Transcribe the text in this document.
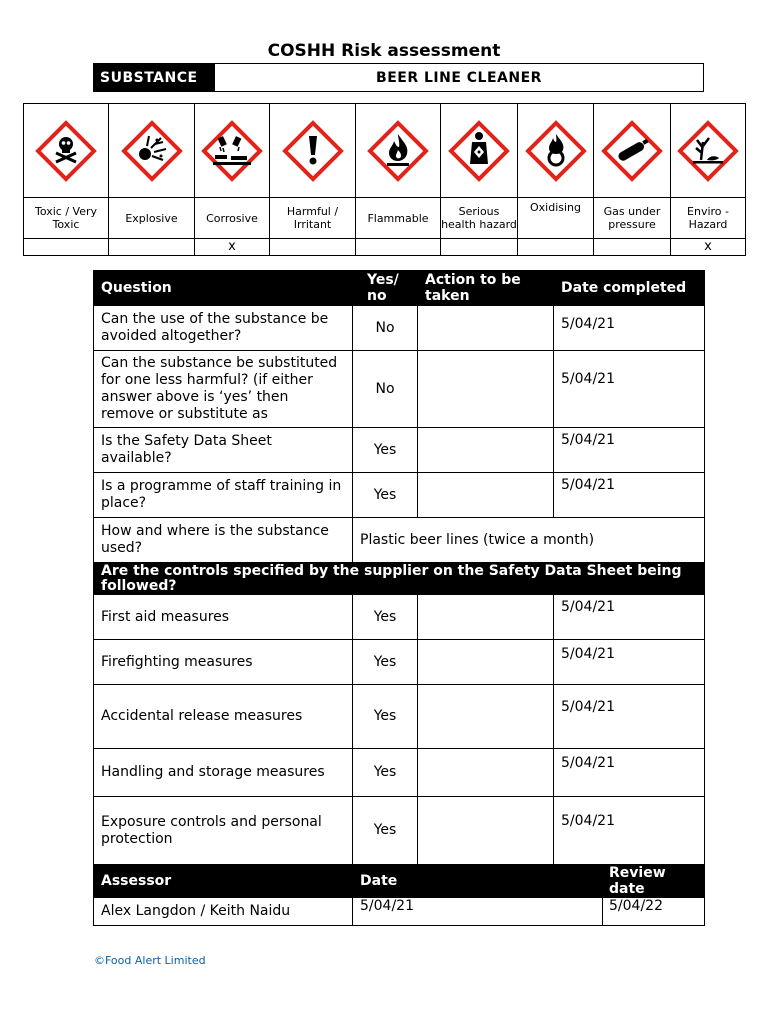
COSHH Risk assessment
SUBSTANCE	BEER LINE CLEANER

Toxic / Very Toxic	Explosive	Corrosive	Harmful / Irritant	Flammable	Serious health hazard	Oxidising	Gas under pressure	Enviro - Hazard
		x						x
Question	Yes/ no	Action to be taken	Date completed	
Can the use of the substance be avoided altogether?	No		5/04/21	

Can the substance be substituted for one less harmful? (if either answer above is ‘yes’ then remove or substitute as	No		5/04/21	
Is the Safety Data Sheet available?	Yes		5/04/21	
Is a programme of staff training in place?	Yes		5/04/21	
How and where is the substance used?	Plastic beer lines (twice a month)			
Are the controls specified by the supplier on the Safety Data Sheet being followed?				
First aid measures	Yes		5/04/21	
Firefighting measures	Yes		5/04/21	
Accidental release measures	Yes		5/04/21	
Handling and storage measures	Yes		5/04/21	
Exposure controls and personal protection	Yes		5/04/21	
Assessor	Date			Review date
Alex Langdon / Keith Naidu	5/04/21			5/04/22
©Food Alert Limited
